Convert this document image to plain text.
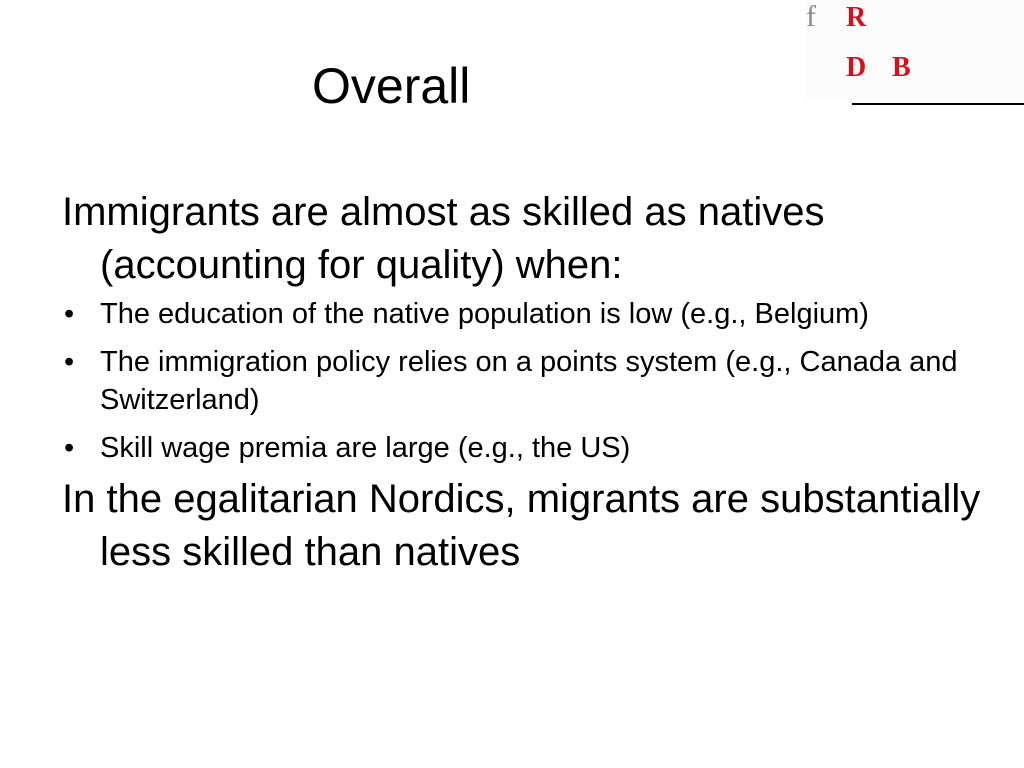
Overall
f R
D B

Immigrants are almost as skilled as natives (accounting for quality) when:

• The education of the native population is low (e.g., Belgium)
• The immigration policy relies on a points system (e.g., Canada and Switzerland)
• Skill wage premia are large (e.g., the US)

In the egalitarian Nordics, migrants are substantially less skilled than natives
